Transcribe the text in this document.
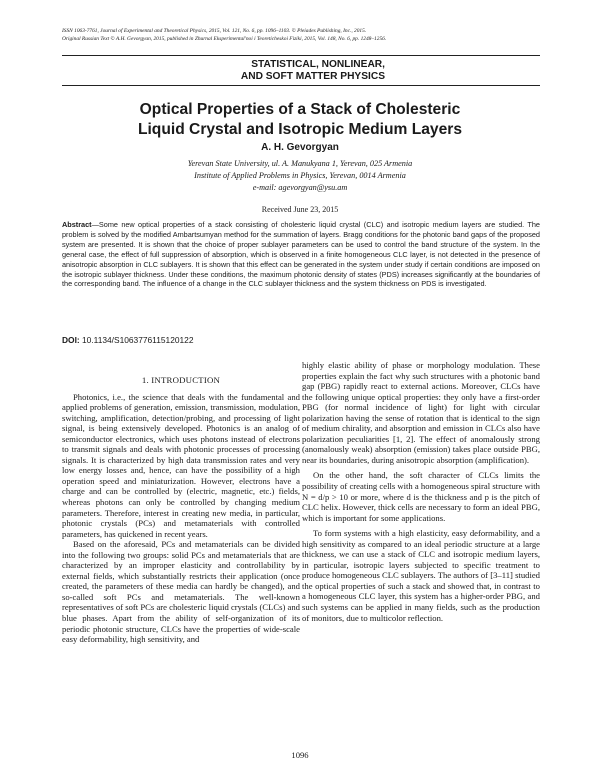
ISSN 1063-7761, Journal of Experimental and Theoretical Physics, 2015, Vol. 121, No. 6, pp. 1096–1103. © Pleiades Publishing, Inc., 2015.
Original Russian Text © A.H. Gevorgyan, 2015, published in Zhurnal Eksperimental'noi i Teoreticheskoi Fiziki, 2015, Vol. 148, No. 6, pp. 1248–1256.
STATISTICAL, NONLINEAR,
AND SOFT MATTER PHYSICS
Optical Properties of a Stack of Cholesteric
Liquid Crystal and Isotropic Medium Layers
A. H. Gevorgyan
Yerevan State University, ul. A. Manukyana 1, Yerevan, 025 Armenia
Institute of Applied Problems in Physics, Yerevan, 0014 Armenia
e-mail: agevorgyan@ysu.am
Received June 23, 2015
Abstract—Some new optical properties of a stack consisting of cholesteric liquid crystal (CLC) and isotropic medium layers are studied. The problem is solved by the modified Ambartsumyan method for the summation of layers. Bragg conditions for the photonic band gaps of the proposed system are presented. It is shown that the choice of proper sublayer parameters can be used to control the band structure of the system. In the general case, the effect of full suppression of absorption, which is observed in a finite homogeneous CLC layer, is not detected in the presence of anisotropic absorption in CLC sublayers. It is shown that this effect can be generated in the system under study if certain conditions are imposed on the isotropic sublayer thickness. Under these conditions, the maximum photonic density of states (PDS) increases significantly at the boundaries of the corresponding band. The influence of a change in the CLC sublayer thickness and the system thickness on PDS is investigated.
DOI: 10.1134/S1063776115120122
1. INTRODUCTION

Photonics, i.e., the science that deals with the fundamental and applied problems of generation, emission, transmission, modulation, switching, amplification, detection/probing, and processing of light signal, is being extensively developed. Photonics is an analog of semiconductor electronics, which uses photons instead of electrons to transmit signals and deals with photonic processes of processing signals. It is characterized by high data transmission rates and very low energy losses and, hence, can have the possibility of a high operation speed and miniaturization. However, electrons have a charge and can be controlled by (electric, magnetic, etc.) fields, whereas photons can only be controlled by changing medium parameters. Therefore, interest in creating new media, in particular, photonic crystals (PCs) and metamaterials with controlled parameters, has quickened in recent years.

Based on the aforesaid, PCs and metamaterials can be divided into the following two groups: solid PCs and metamaterials that are characterized by an improper elasticity and controllability by external fields, which substantially restricts their application (once created, the parameters of these media can hardly be changed), and so-called soft PCs and metamaterials. The well-known representatives of soft PCs are cholesteric liquid crystals (CLCs) and blue phases. Apart from the ability of self-organization of its periodic photonic structure, CLCs have the properties of wide-scale easy deformability, high sensitivity, and

highly elastic ability of phase or morphology modulation. These properties explain the fact why such structures with a photonic band gap (PBG) rapidly react to external actions. Moreover, CLCs have the following unique optical properties: they only have a first-order PBG (for normal incidence of light) for light with circular polarization having the sense of rotation that is identical to the sign of medium chirality, and absorption and emission in CLCs also have polarization peculiarities [1, 2]. The effect of anomalously strong (anomalously weak) absorption (emission) takes place outside PBG, near its boundaries, during anisotropic absorption (amplification).

On the other hand, the soft character of CLCs limits the possibility of creating cells with a homogeneous spiral structure with N = d/p > 10 or more, where d is the thickness and p is the pitch of CLC helix. However, thick cells are necessary to form an ideal PBG, which is important for some applications.

To form systems with a high elasticity, easy deformability, and a high sensitivity as compared to an ideal periodic structure at a large thickness, we can use a stack of CLC and isotropic medium layers, in particular, isotropic layers subjected to specific treatment to produce homogeneous CLC sublayers. The authors of [3–11] studied the optical properties of such a stack and showed that, in contrast to a homogeneous CLC layer, this system has a higher-order PBG, and such systems can be applied in many fields, such as the production of monitors, due to multicolor reflection.

1096
